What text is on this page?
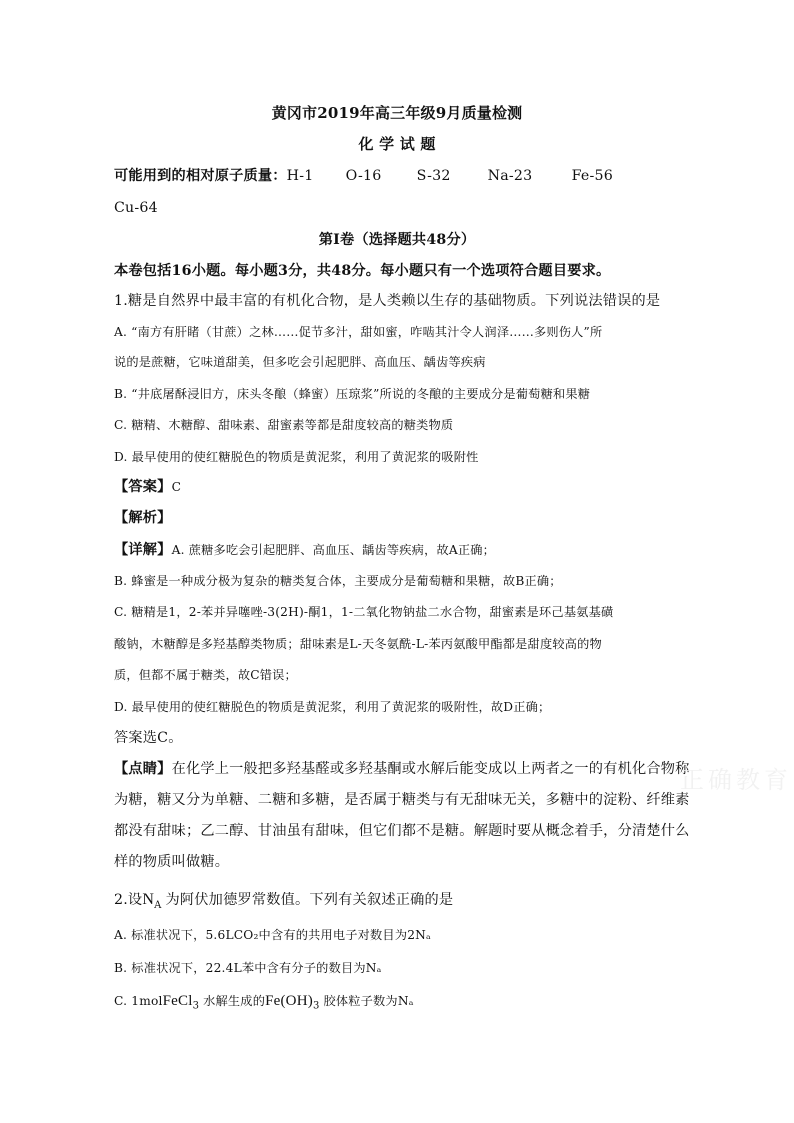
黄冈市2019年高三年级9月质量检测
化 学 试 题
可能用到的相对原子质量：H-1 O-16 S-32	Na-23	Fe-56
Cu-64
第Ⅰ卷（选择题共48分）
本卷包括16小题。每小题3分，共48分。每小题只有一个选项符合题目要求。
1.糖是自然界中最丰富的有机化合物，是人类赖以生存的基础物质。下列说法错误的是
A. “南方有肝睹（甘蔗）之林……促节多汁，甜如蜜，咋啮其汁令人润泽……多则伤人”所
说的是蔗糖，它味道甜美，但多吃会引起肥胖、高血压、龋齿等疾病
B. “井底屠酥浸旧方，床头冬酿（蜂蜜）压琼浆”所说的冬酿的主要成分是葡萄糖和果糖
C. 糖精、木糖醇、甜味素、甜蜜素等都是甜度较高的糖类物质
D. 最早使用的使红糖脱色的物质是黄泥浆，利用了黄泥浆的吸附性
【答案】C
【解析】
【详解】A. 蔗糖多吃会引起肥胖、高血压、龋齿等疾病，故A正确；
B. 蜂蜜是一种成分极为复杂的糖类复合体，主要成分是葡萄糖和果糖，故B正确；
C. 糖精是1，2-苯并异噻唑-3(2H)-酮1，1-二氧化物钠盐二水合物，甜蜜素是环己基氨基磺
酸钠，木糖醇是多羟基醇类物质；甜味素是L-天冬氨酰-L-苯丙氨酸甲酯都是甜度较高的物
质，但都不属于糖类，故C错误；
D. 最早使用的使红糖脱色的物质是黄泥浆，利用了黄泥浆的吸附性，故D正确；
答案选C。
【点睛】在化学上一般把多羟基醛或多羟基酮或水解后能变成以上两者之一的有机化合物称
为糖，糖又分为单糖、二糖和多糖，是否属于糖类与有无甜味无关，多糖中的淀粉、纤维素
都没有甜味；乙二醇、甘油虽有甜味，但它们都不是糖。解题时要从概念着手，分清楚什么
样的物质叫做糖。
2.设$N_A$ 为阿伏加德罗常数值。下列有关叙述正确的是
A. 标准状况下，5.6LCO₂中含有的共用电子对数目为2Nₐ
B. 标准状况下，22.4L苯中含有分子的数目为Nₐ
C. 1molFeCl$_3$ 水解生成的$Fe(OH)_3$ 胶体粒子数为Nₐ
正确教育
